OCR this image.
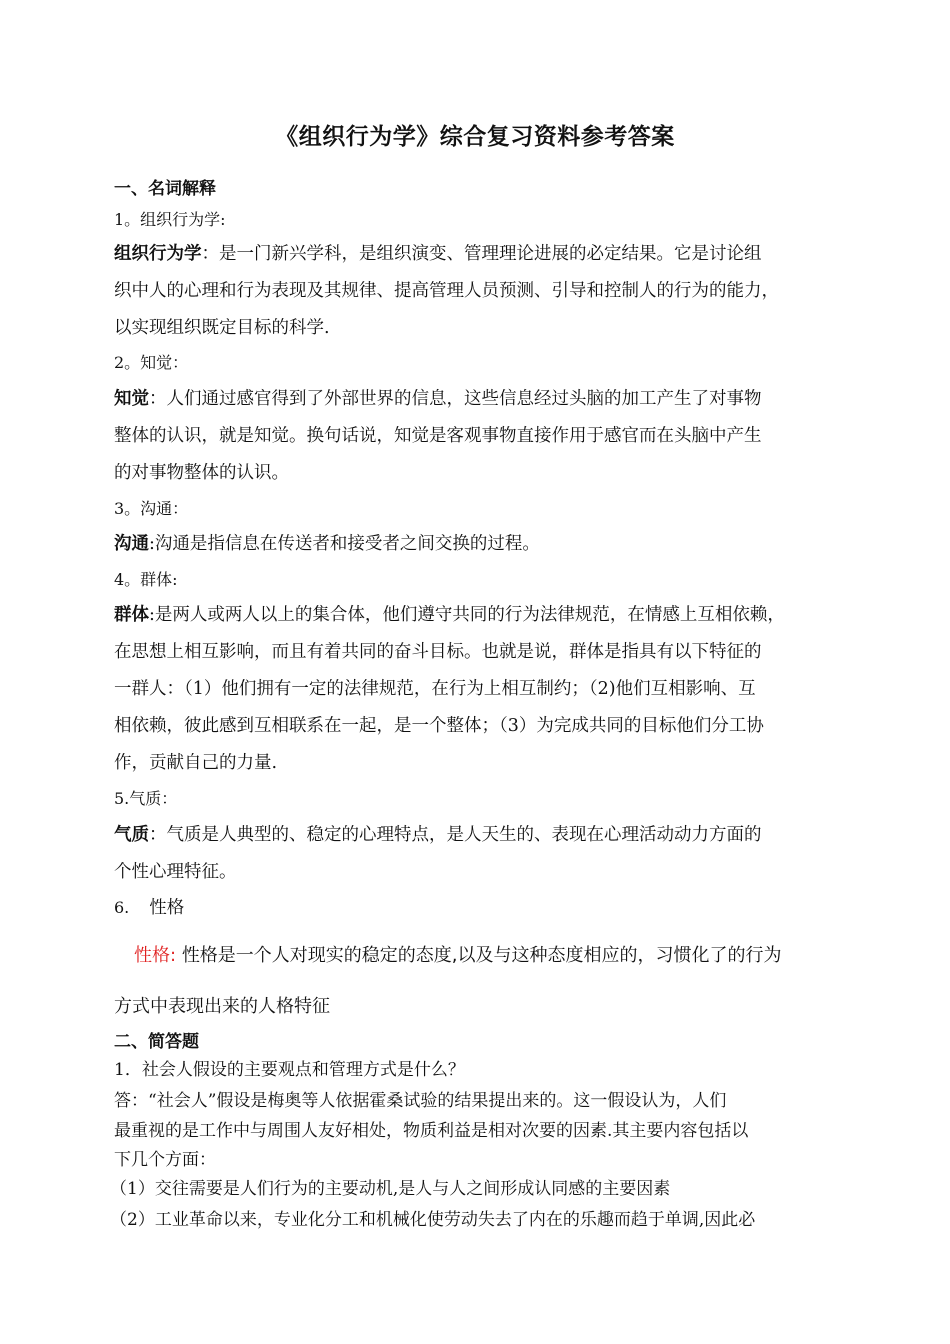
《组织行为学》综合复习资料参考答案
一、名词解释
1。组织行为学:
组织行为学：是一门新兴学科，是组织演变、管理理论进展的必定结果。它是讨论组
织中人的心理和行为表现及其规律、提高管理人员预测、引导和控制人的行为的能力，
以实现组织既定目标的科学.
2。知觉：
知觉：人们通过感官得到了外部世界的信息，这些信息经过头脑的加工产生了对事物
整体的认识，就是知觉。换句话说，知觉是客观事物直接作用于感官而在头脑中产生
的对事物整体的认识。
3。沟通：
沟通:沟通是指信息在传送者和接受者之间交换的过程。
4。群体:
群体:是两人或两人以上的集合体，他们遵守共同的行为法律规范，在情感上互相依赖，
在思想上相互影响，而且有着共同的奋斗目标。也就是说，群体是指具有以下特征的
一群人：（1）他们拥有一定的法律规范，在行为上相互制约；（2)他们互相影响、互
相依赖，彼此感到互相联系在一起，是一个整体；（3）为完成共同的目标他们分工协
作，贡献自己的力量.
5.气质：
气质：气质是人典型的、稳定的心理特点，是人天生的、表现在心理活动动力方面的
个性心理特征。
6. 性格
性格: 性格是一个人对现实的稳定的态度,以及与这种态度相应的，习惯化了的行为
方式中表现出来的人格特征
二、简答题
1．社会人假设的主要观点和管理方式是什么？
答：“社会人”假设是梅奥等人依据霍桑试验的结果提出来的。这一假设认为，人们
最重视的是工作中与周围人友好相处，物质利益是相对次要的因素.其主要内容包括以
下几个方面：
（1）交往需要是人们行为的主要动机,是人与人之间形成认同感的主要因素
（2）工业革命以来，专业化分工和机械化使劳动失去了内在的乐趣而趋于单调,因此必
